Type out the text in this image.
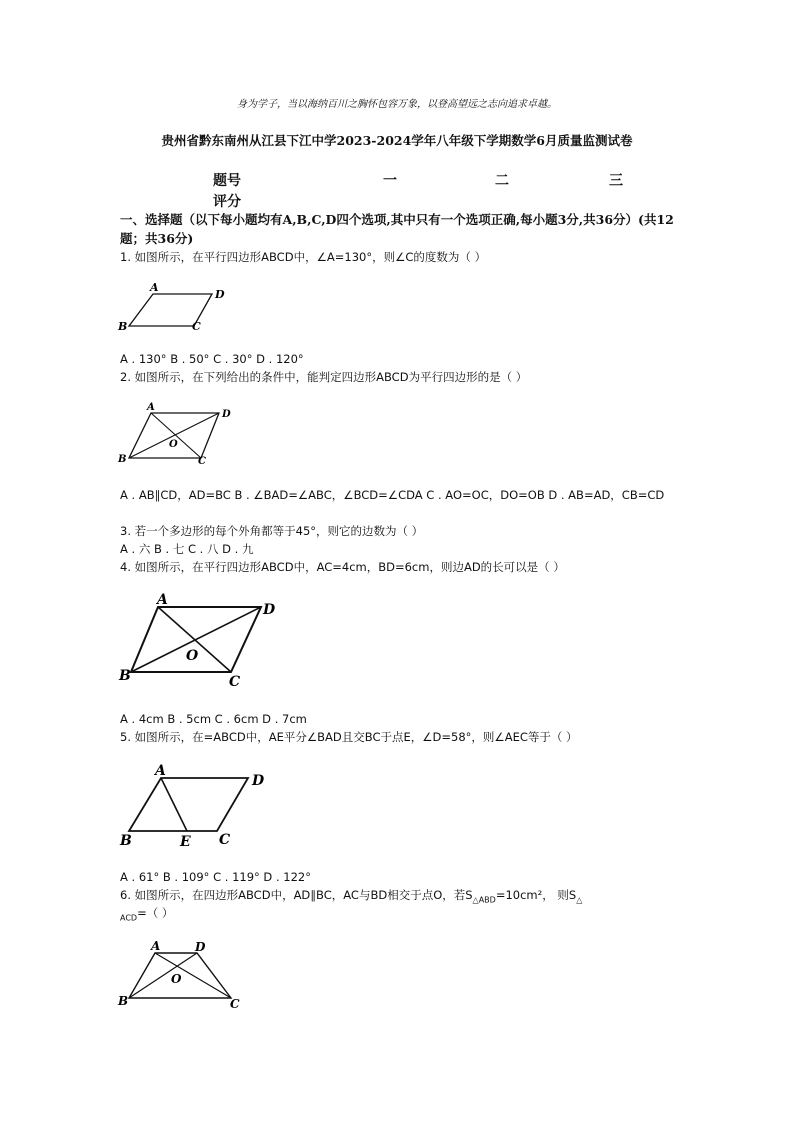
身为学子，当以海纳百川之胸怀包容万象，以登高望远之志向追求卓越。
贵州省黔东南州从江县下江中学2023-2024学年八年级下学期数学6月质量监测试卷
题号	一	二	三
评分
一、选择题（以下每小题均有A,B,C,D四个选项,其中只有一个选项正确,每小题3分,共36分）(共12题；共36分)
1. 如图所示，在平行四边形ABCD中，∠A=130°，则∠C的度数为（ ）
A
D
B	C
A . 130° B . 50° C . 30° D . 120°
2. 如图所示，在下列给出的条件中，能判定四边形ABCD为平行四边形的是（ ）
A
D
O
B	C
A . AB∥CD，AD=BC B . ∠BAD=∠ABC，∠BCD=∠CDA C . AO=OC，DO=OB D . AB=AD，CB=CD
3. 若一个多边形的每个外角都等于45°，则它的边数为（ ）
A . 六 B . 七 C . 八 D . 九
4. 如图所示，在平行四边形ABCD中，AC=4cm，BD=6cm，则边AD的长可以是（ ）
A
D
O
B	C
A . 4cm B . 5cm C . 6cm D . 7cm
5. 如图所示，在=ABCD中，AE平分∠BAD且交BC于点E，∠D=58°，则∠AEC等于（ ）
A
D
B	E C
A . 61° B . 109° C . 119° D . 122°
6. 如图所示，在四边形ABCD中，AD∥BC，AC与BD相交于点O，若$S_{\triangle ABD}=10cm^2$， 则$S_\triangle$
$_{ACD}$=（ ）
A	D
O
B	C
